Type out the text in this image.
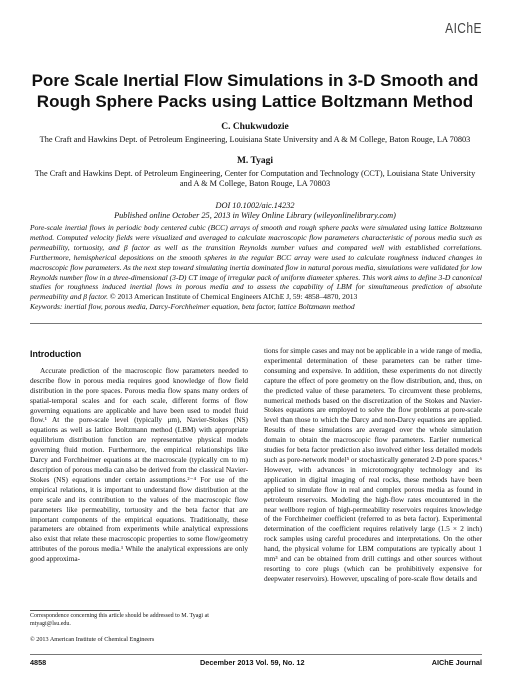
AIChE
Pore Scale Inertial Flow Simulations in 3-D Smooth and Rough Sphere Packs using Lattice Boltzmann Method
C. Chukwudozie
The Craft and Hawkins Dept. of Petroleum Engineering, Louisiana State University and A & M College, Baton Rouge, LA 70803
M. Tyagi
The Craft and Hawkins Dept. of Petroleum Engineering, Center for Computation and Technology (CCT), Louisiana State University and A & M College, Baton Rouge, LA 70803
DOI 10.1002/aic.14232
Published online October 25, 2013 in Wiley Online Library (wileyonlinelibrary.com)

Pore-scale inertial flows in periodic body centered cubic (BCC) arrays of smooth and rough sphere packs were simulated using lattice Boltzmann method. Computed velocity fields were visualized and averaged to calculate macroscopic flow parameters characteristic of porous media such as permeability, tortuosity, and β factor as well as the transition Reynolds number values and compared well with established correlations. Furthermore, hemispherical depositions on the smooth spheres in the regular BCC array were used to calculate roughness induced changes in macroscopic flow parameters. As the next step toward simulating inertia dominated flow in natural porous media, simulations were validated for low Reynolds number flow in a three-dimensional (3-D) CT image of irregular pack of uniform diameter spheres. This work aims to define 3-D canonical studies for roughness induced inertial flows in porous media and to assess the capability of LBM for simultaneous prediction of absolute permeability and β factor. © 2013 American Institute of Chemical Engineers AIChE J, 59: 4858–4870, 2013

Keywords: inertial flow, porous media, Darcy-Forchheimer equation, beta factor, lattice Boltzmann method
Introduction

Accurate prediction of the macroscopic flow parameters needed to describe flow in porous media requires good knowledge of flow field distribution in the pore spaces. Porous media flow spans many orders of spatial-temporal scales and for each scale, different forms of flow governing equations are applicable and have been used to model fluid flow.¹ At the pore-scale level (typically μm), Navier-Stokes (NS) equations as well as lattice Boltzmann method (LBM) with appropriate equilibrium distribution function are representative physical models governing fluid motion. Furthermore, the empirical relationships like Darcy and Forchheimer equations at the macroscale (typically cm to m) description of porous media can also be derived from the classical Navier-Stokes (NS) equations under certain assumptions.²⁻⁴ For use of the empirical relations, it is important to understand flow distribution at the pore scale and its contribution to the values of the macroscopic flow parameters like permeability, tortuosity and the beta factor that are important components of the empirical equations. Traditionally, these parameters are obtained from experiments while analytical expressions also exist that relate these macroscopic properties to some flow/geometry attributes of the porous media.¹ While the analytical expressions are only good approxima-

tions for simple cases and may not be applicable in a wide range of media, experimental determination of these parameters can be rather time-consuming and expensive. In addition, these experiments do not directly capture the effect of pore geometry on the flow distribution, and, thus, on the predicted value of these parameters. To circumvent these problems, numerical methods based on the discretization of the Stokes and Navier-Stokes equations are employed to solve the flow problems at pore-scale level than those to which the Darcy and non-Darcy equations are applied. Results of these simulations are averaged over the whole simulation domain to obtain the macroscopic flow parameters. Earlier numerical studies for beta factor prediction also involved either less detailed models such as pore-network model⁵ or stochastically generated 2-D pore spaces.⁶ However, with advances in microtomography technology and its application in digital imaging of real rocks, these methods have been applied to simulate flow in real and complex porous media as found in petroleum reservoirs. Modeling the high-flow rates encountered in the near wellbore region of high-permeability reservoirs requires knowledge of the Forchheimer coefficient (referred to as beta factor). Experimental determination of the coefficient requires relatively large (1.5 × 2 inch) rock samples using careful procedures and interpretations. On the other hand, the physical volume for LBM computations are typically about 1 mm³ and can be obtained from drill cuttings and other sources without resorting to core plugs (which can be prohibitively expensive for deepwater reservoirs). However, upscaling of pore-scale flow details and

Correspondence concerning this article should be addressed to M. Tyagi at mtyagi@lsu.edu.
© 2013 American Institute of Chemical Engineers
4858	December 2013 Vol. 59, No. 12	AIChE Journal
